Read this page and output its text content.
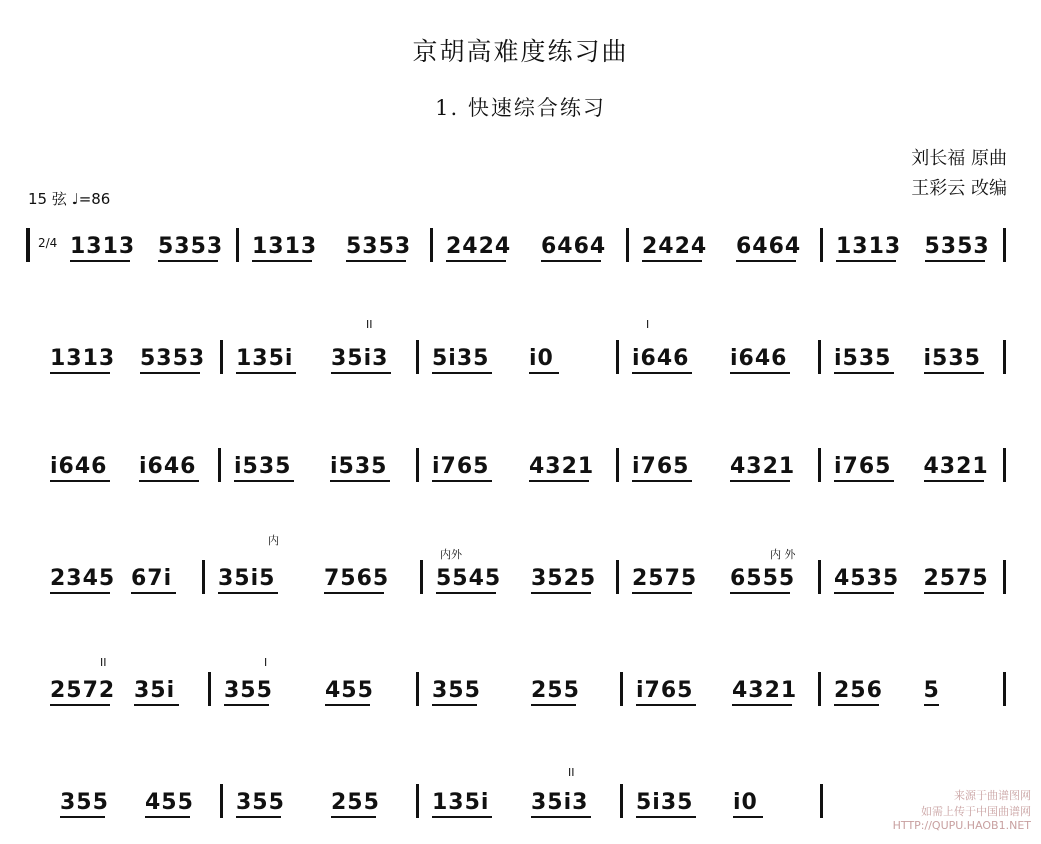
京胡高难度练习曲
1. 快速综合练习
刘长福 原曲
王彩云 改编
15 弦 ♩=86
1313 5353 1313 5353 2424 6464 2424 6464 1313 5353
1313 5353 135i 35i3 5i35 i0	i646 i646 i535 i535
i646 i646 i535 i535 i765 4321 i765 4321 i765 4321
2345 67i 35i5 7565 5545 3525 2575 6555 4535 2575
2572 35i 355 455	355 255	i765 4321 256 5
355 455 355 255 135i 35i3 5i35 i0
2/4
内
内外	内 外
II	I
II	I
II
来源于曲谱图网
如需上传于中国曲谱网
HTTP://QUPU.HAOB1.NET
